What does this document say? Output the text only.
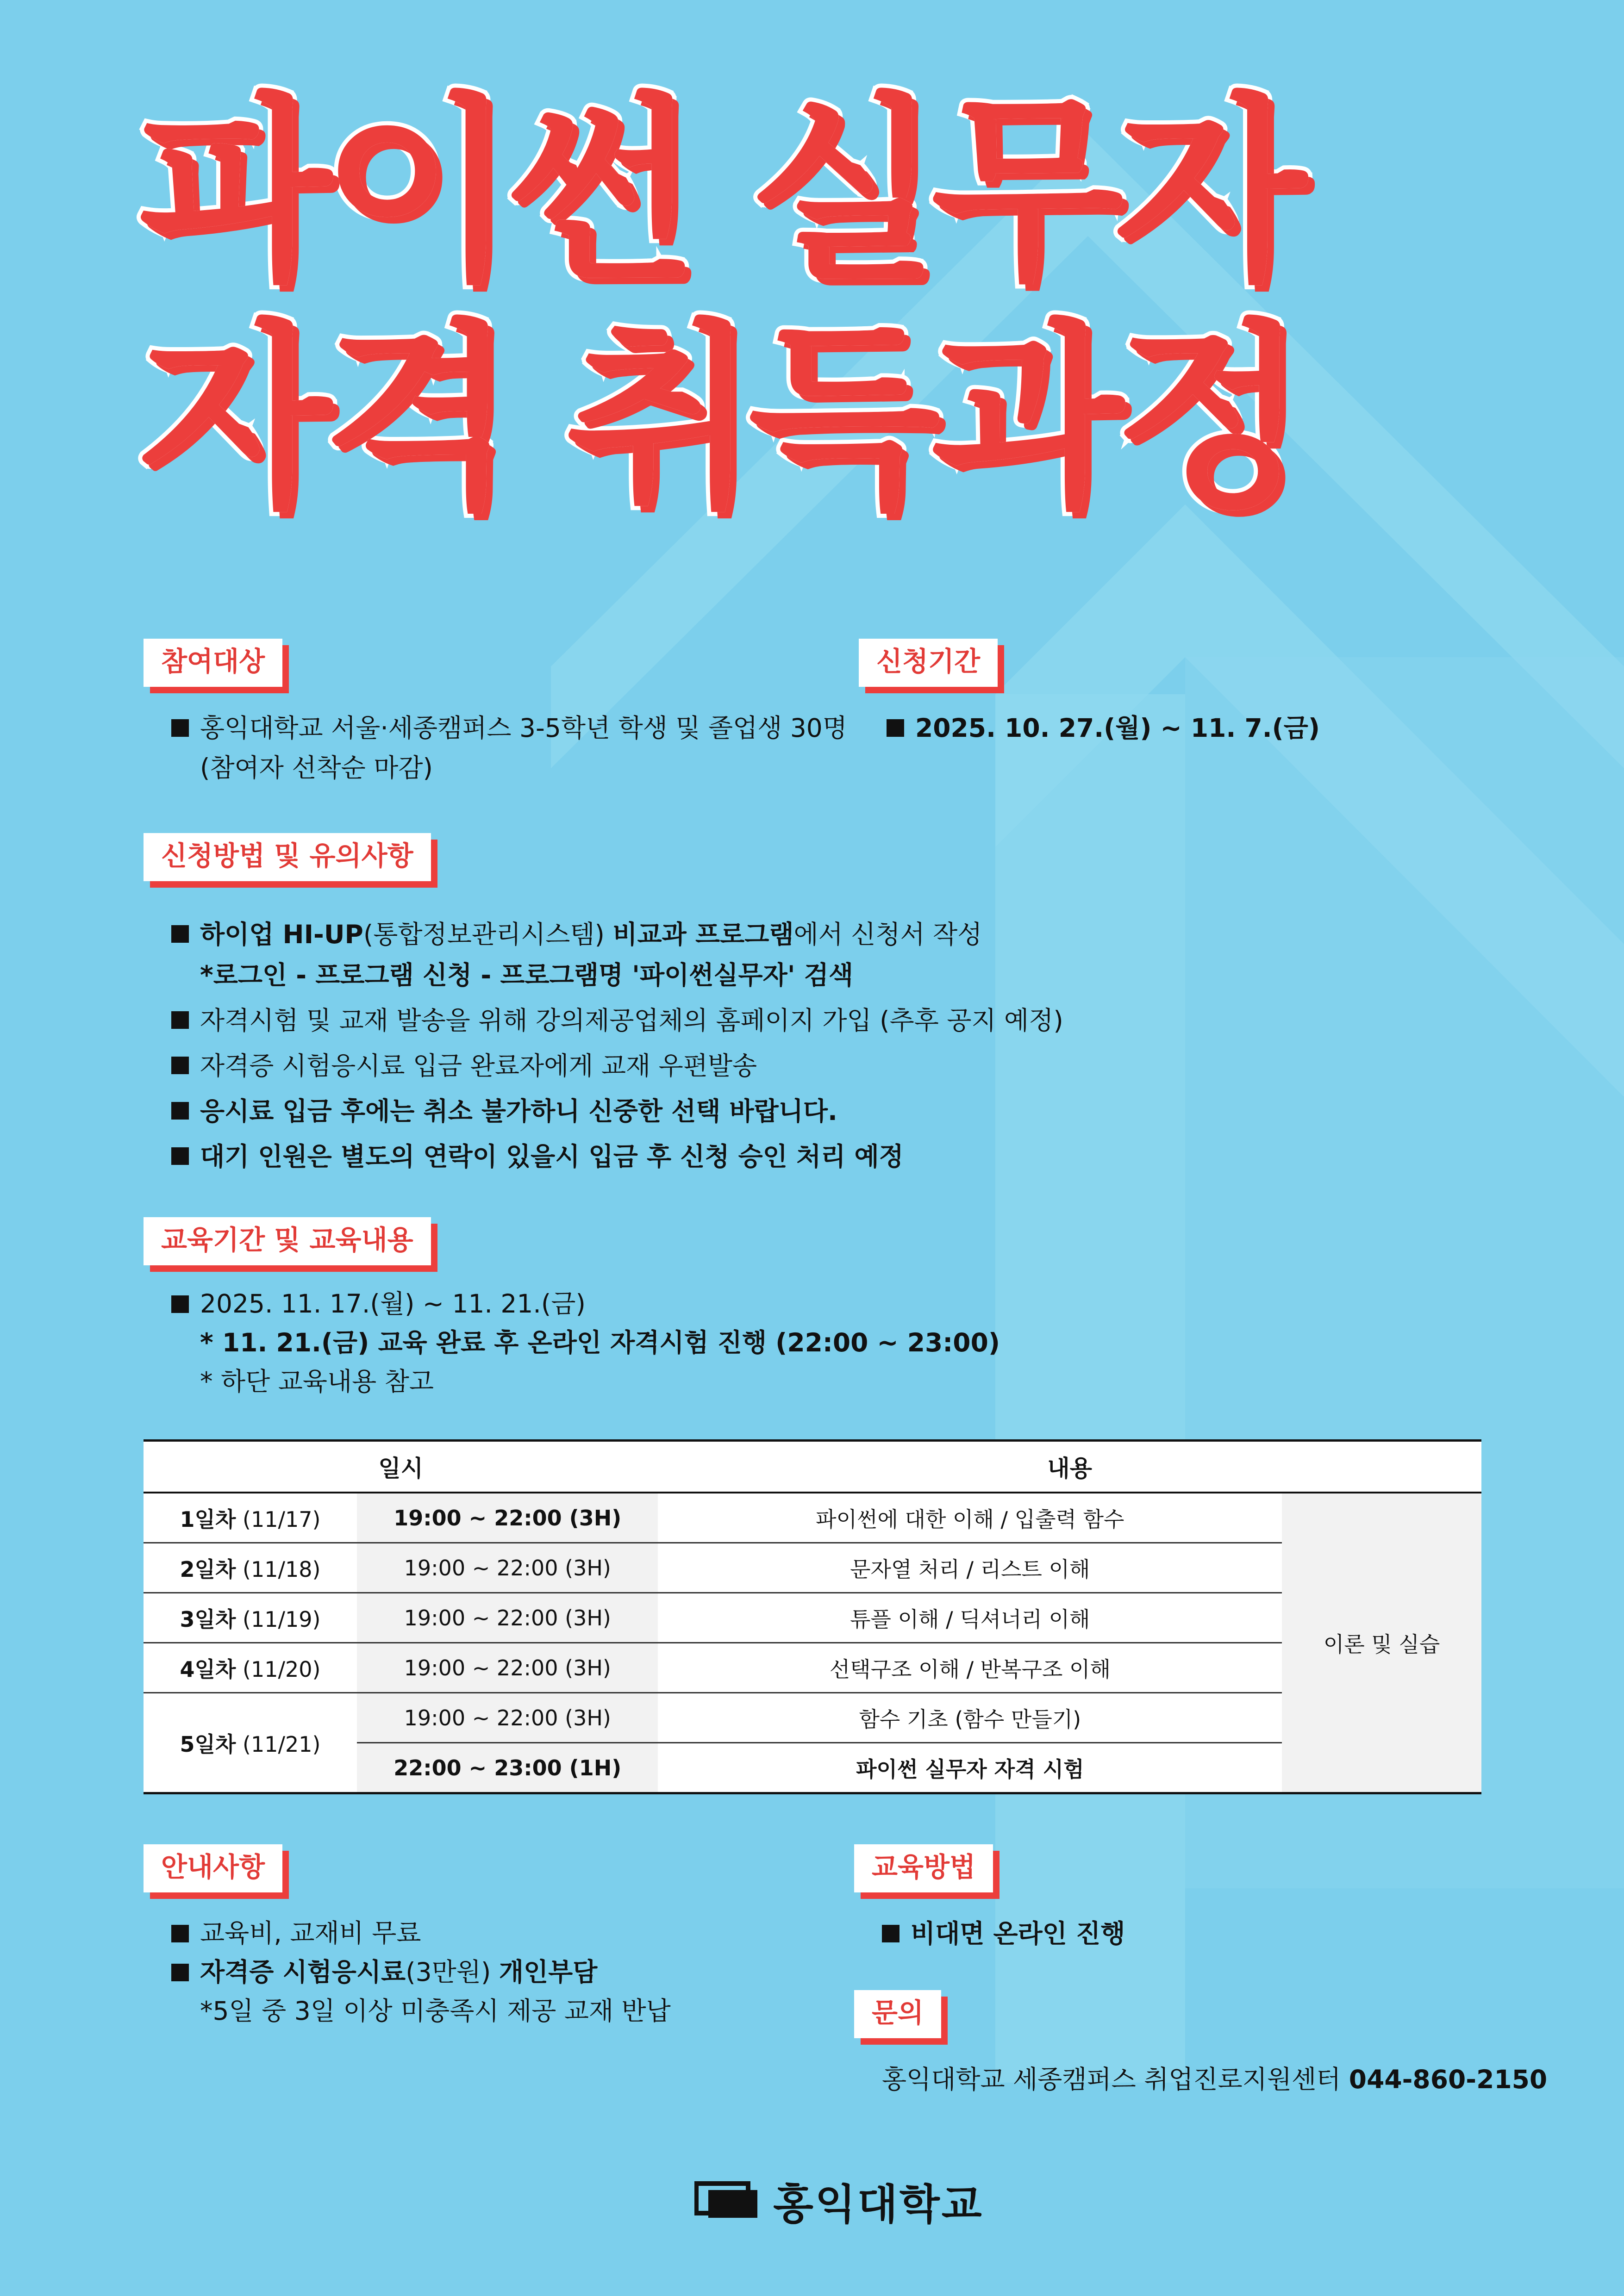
파이썬 실무자
자격 취득과정
참여대상
홍익대학교 서울·세종캠퍼스 3-5학년 학생 및 졸업생 30명
(참여자 선착순 마감)
신청기간
2025. 10. 27.(월) ~ 11. 7.(금)
신청방법 및 유의사항
하이업 HI-UP(통합정보관리시스템) 비교과 프로그램에서 신청서 작성
*로그인 - 프로그램 신청 - 프로그램명 '파이썬실무자' 검색
자격시험 및 교재 발송을 위해 강의제공업체의 홈페이지 가입 (추후 공지 예정)
자격증 시험응시료 입금 완료자에게 교재 우편발송
응시료 입금 후에는 취소 불가하니 신중한 선택 바랍니다.
대기 인원은 별도의 연락이 있을시 입금 후 신청 승인 처리 예정
교육기간 및 교육내용
2025. 11. 17.(월) ~ 11. 21.(금)
* 11. 21.(금) 교육 완료 후 온라인 자격시험 진행 (22:00 ~ 23:00)
* 하단 교육내용 참고
일시		내용	
1일차 (11/17)	19:00 ~ 22:00 (3H)	파이썬에 대한 이해 / 입출력 함수	이론 및 실습
2일차 (11/18)	19:00 ~ 22:00 (3H)	문자열 처리 / 리스트 이해	
3일차 (11/19)	19:00 ~ 22:00 (3H)	튜플 이해 / 딕셔너리 이해	
4일차 (11/20)	19:00 ~ 22:00 (3H)	선택구조 이해 / 반복구조 이해	
5일차 (11/21)	19:00 ~ 22:00 (3H)	함수 기초 (함수 만들기)	
	22:00 ~ 23:00 (1H)	파이썬 실무자 자격 시험	
안내사항
교육비, 교재비 무료
자격증 시험응시료(3만원) 개인부담
*5일 중 3일 이상 미충족시 제공 교재 반납
교육방법
비대면 온라인 진행
문의
홍익대학교 세종캠퍼스 취업진로지원센터 044-860-2150
홍익대학교
